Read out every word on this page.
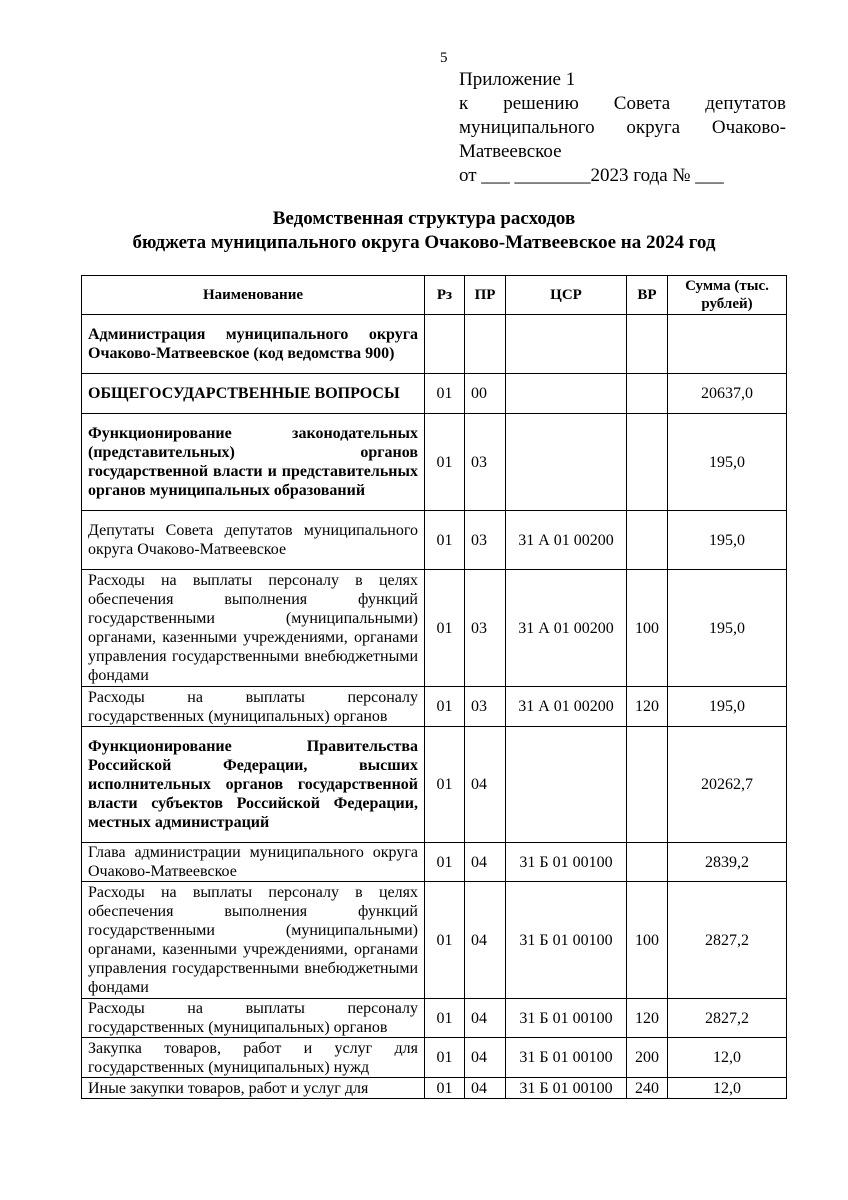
5
Приложение 1
к решению Совета депутатов
муниципального округа Очаково-
Матвеевское
от ___ ________2023 года № ___
Ведомственная структура расходов
бюджета муниципального округа Очаково-Матвеевское на 2024 год
Наименование	Рз	ПР	ЦСР	ВР	Сумма (тыс. рублей)
Администрация муниципального округа Очаково-Матвеевское (код ведомства 900)					
ОБЩЕГОСУДАРСТВЕННЫЕ ВОПРОСЫ	01	00			20637,0
Функционирование законодательных (представительных) органов государственной власти и представительных органов муниципальных образований	01	03			195,0
Депутаты Совета депутатов муниципального округа Очаково-Матвеевское	01	03	31 А 01 00200		195,0
Расходы на выплаты персоналу в целях обеспечения выполнения функций государственными (муниципальными) органами, казенными учреждениями, органами управления государственными внебюджетными фондами	01	03	31 А 01 00200	100	195,0
Расходы на выплаты персоналу государственных (муниципальных) органов	01	03	31 А 01 00200	120	195,0
Функционирование Правительства Российской Федерации, высших исполнительных органов государственной власти субъектов Российской Федерации, местных администраций	01	04			20262,7
Глава администрации муниципального округа Очаково-Матвеевское	01	04	31 Б 01 00100		2839,2
Расходы на выплаты персоналу в целях обеспечения выполнения функций государственными (муниципальными) органами, казенными учреждениями, органами управления государственными внебюджетными фондами	01	04	31 Б 01 00100	100	2827,2
Расходы на выплаты персоналу государственных (муниципальных) органов	01	04	31 Б 01 00100	120	2827,2
Закупка товаров, работ и услуг для государственных (муниципальных) нужд	01	04	31 Б 01 00100	200	12,0
Иные закупки товаров, работ и услуг для	01	04	31 Б 01 00100	240	12,0
